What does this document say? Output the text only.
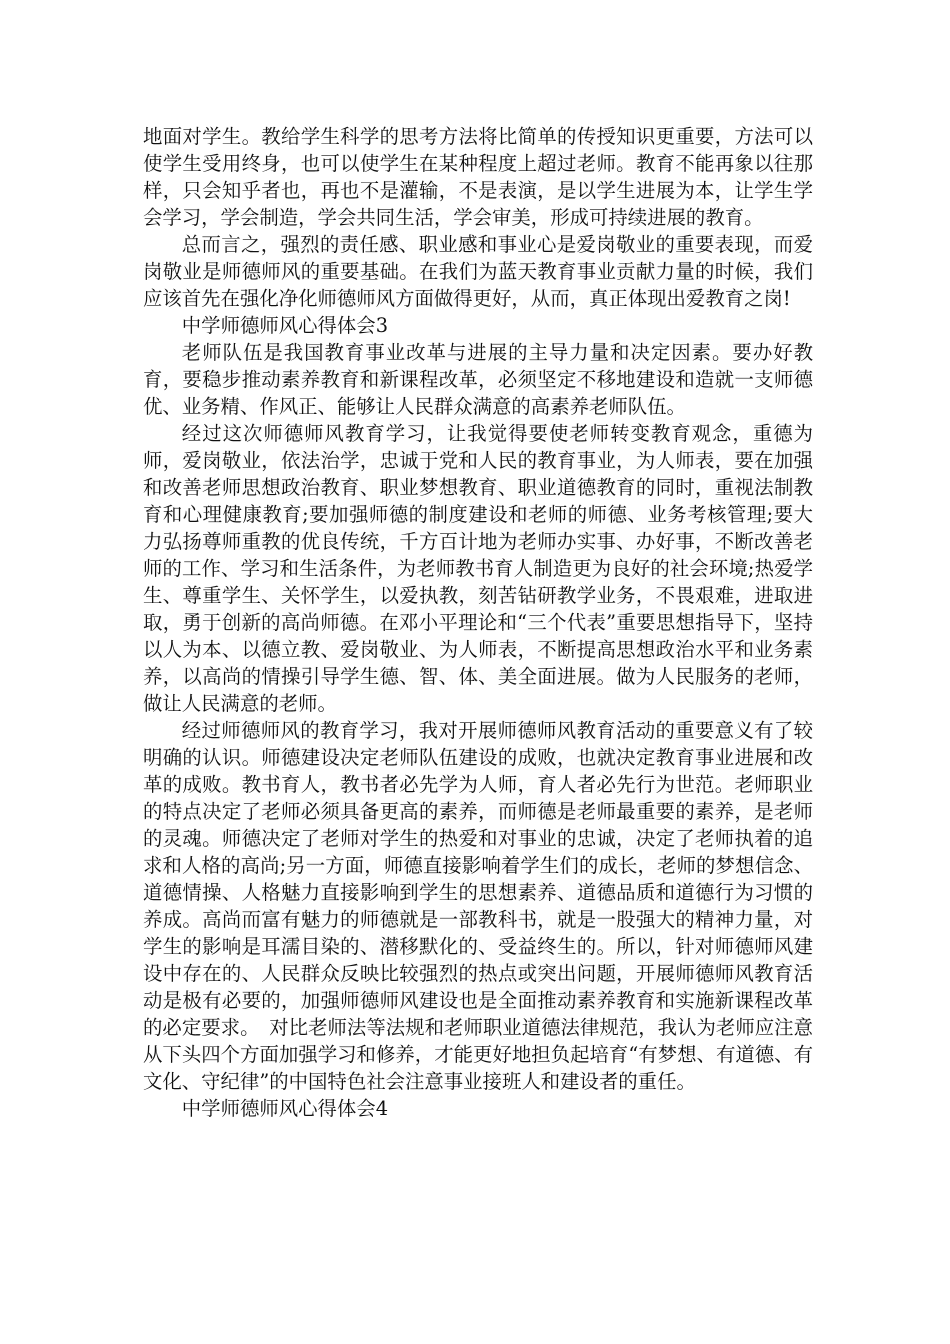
地面对学生。教给学生科学的思考方法将比简单的传授知识更重要，方法可以使学生受用终身，也可以使学生在某种程度上超过老师。教育不能再象以往那样，只会知乎者也，再也不是灌输，不是表演，是以学生进展为本，让学生学会学习，学会制造，学会共同生活，学会审美，形成可持续进展的教育。

总而言之，强烈的责任感、职业感和事业心是爱岗敬业的重要表现，而爱岗敬业是师德师风的重要基础。在我们为蓝天教育事业贡献力量的时候，我们应该首先在强化净化师德师风方面做得更好，从而，真正体现出爱教育之岗!

中学师德师风心得体会3

老师队伍是我国教育事业改革与进展的主导力量和决定因素。要办好教育，要稳步推动素养教育和新课程改革，必须坚定不移地建设和造就一支师德优、业务精、作风正、能够让人民群众满意的高素养老师队伍。

经过这次师德师风教育学习，让我觉得要使老师转变教育观念，重德为师，爱岗敬业，依法治学，忠诚于党和人民的教育事业，为人师表，要在加强和改善老师思想政治教育、职业梦想教育、职业道德教育的同时，重视法制教育和心理健康教育;要加强师德的制度建设和老师的师德、业务考核管理;要大力弘扬尊师重教的优良传统，千方百计地为老师办实事、办好事，不断改善老师的工作、学习和生活条件，为老师教书育人制造更为良好的社会环境;热爱学生、尊重学生、关怀学生，以爱执教，刻苦钻研教学业务，不畏艰难，进取进取，勇于创新的高尚师德。在邓小平理论和“三个代表”重要思想指导下，坚持以人为本、以德立教、爱岗敬业、为人师表，不断提高思想政治水平和业务素养，以高尚的情操引导学生德、智、体、美全面进展。做为人民服务的老师，做让人民满意的老师。

经过师德师风的教育学习，我对开展师德师风教育活动的重要意义有了较明确的认识。师德建设决定老师队伍建设的成败，也就决定教育事业进展和改革的成败。教书育人，教书者必先学为人师，育人者必先行为世范。老师职业的特点决定了老师必须具备更高的素养，而师德是老师最重要的素养，是老师的灵魂。师德决定了老师对学生的热爱和对事业的忠诚，决定了老师执着的追求和人格的高尚;另一方面，师德直接影响着学生们的成长，老师的梦想信念、道德情操、人格魅力直接影响到学生的思想素养、道德品质和道德行为习惯的养成。高尚而富有魅力的师德就是一部教科书，就是一股强大的精神力量，对学生的影响是耳濡目染的、潜移默化的、受益终生的。所以，针对师德师风建设中存在的、人民群众反映比较强烈的热点或突出问题，开展师德师风教育活动是极有必要的，加强师德师风建设也是全面推动素养教育和实施新课程改革的必定要求。　对比老师法等法规和老师职业道德法律规范，我认为老师应注意从下头四个方面加强学习和修养，才能更好地担负起培育“有梦想、有道德、有文化、守纪律”的中国特色社会注意事业接班人和建设者的重任。

中学师德师风心得体会4
